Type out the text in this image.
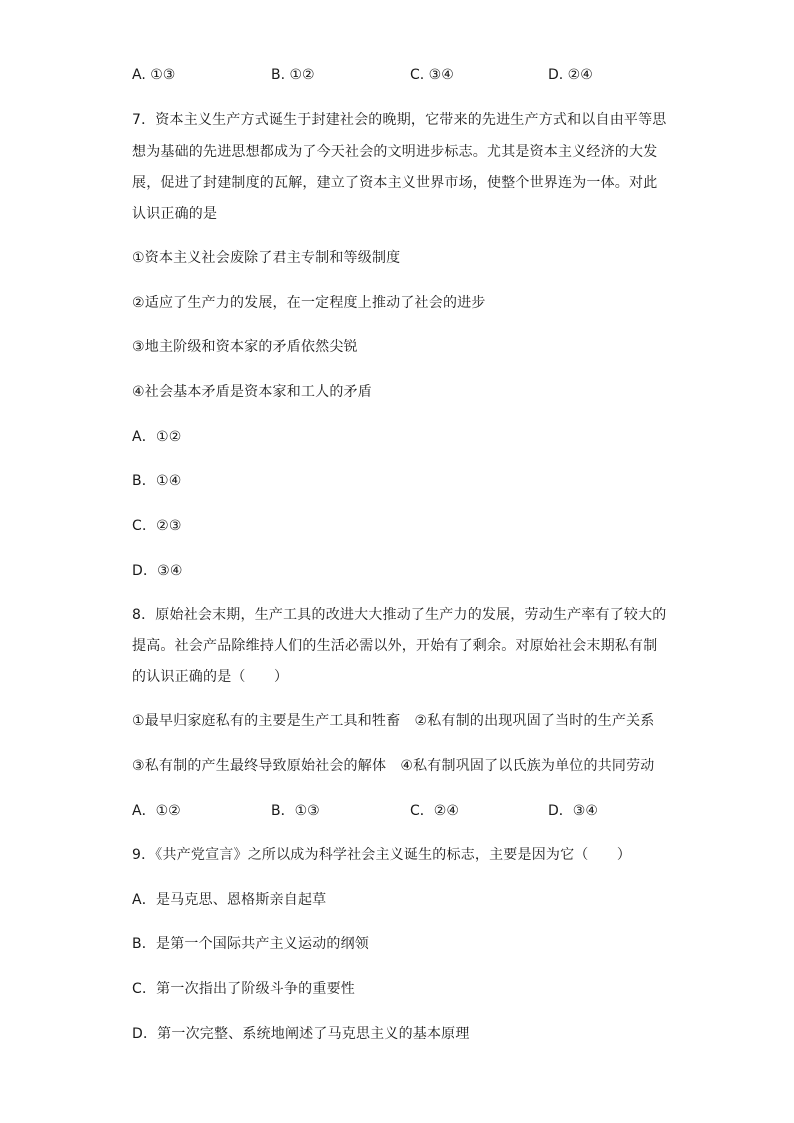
A. ①③	B. ①②	C. ③④	D. ②④
7．资本主义生产方式诞生于封建社会的晚期，它带来的先进生产方式和以自由平等思
想为基础的先进思想都成为了今天社会的文明进步标志。尤其是资本主义经济的大发
展，促进了封建制度的瓦解，建立了资本主义世界市场，使整个世界连为一体。对此
认识正确的是
①资本主义社会废除了君主专制和等级制度
②适应了生产力的发展，在一定程度上推动了社会的进步
③地主阶级和资本家的矛盾依然尖锐
④社会基本矛盾是资本家和工人的矛盾
A．①②
B．①④
C．②③
D．③④
8．原始社会末期，生产工具的改进大大推动了生产力的发展，劳动生产率有了较大的
提高。社会产品除维持人们的生活必需以外，开始有了剩余。对原始社会末期私有制
的认识正确的是（　　）
①最早归家庭私有的主要是生产工具和牲畜　②私有制的出现巩固了当时的生产关系
③私有制的产生最终导致原始社会的解体　④私有制巩固了以氏族为单位的共同劳动
A．①②	B．①③	C．②④	D．③④
9．《共产党宣言》之所以成为科学社会主义诞生的标志，主要是因为它（　　）
A．是马克思、恩格斯亲自起草
B．是第一个国际共产主义运动的纲领
C．第一次指出了阶级斗争的重要性
D．第一次完整、系统地阐述了马克思主义的基本原理
